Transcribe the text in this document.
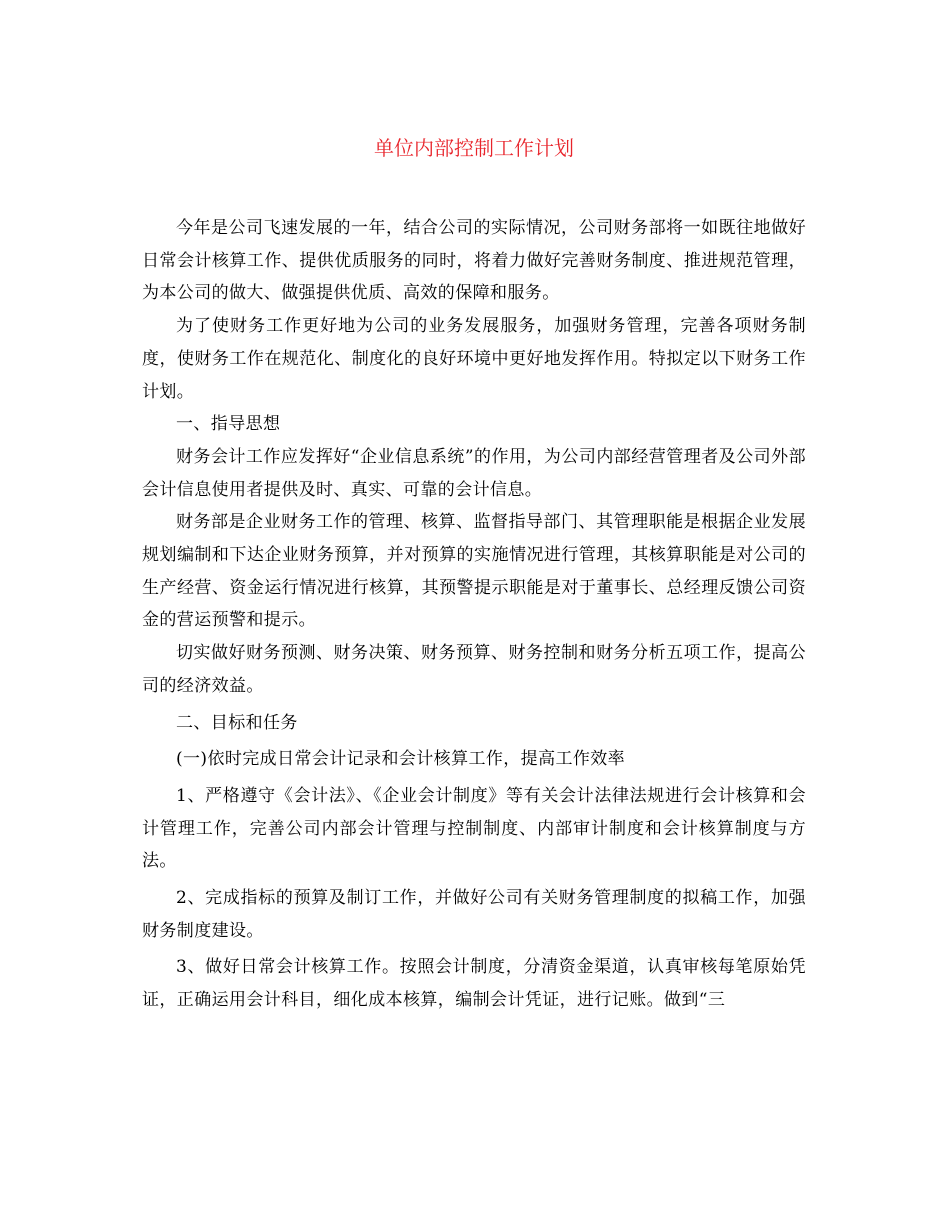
单位内部控制工作计划

今年是公司飞速发展的一年，结合公司的实际情况，公司财务部将一如既往地做好日常会计核算工作、提供优质服务的同时，将着力做好完善财务制度、推进规范管理，为本公司的做大、做强提供优质、高效的保障和服务。

为了使财务工作更好地为公司的业务发展服务，加强财务管理，完善各项财务制度，使财务工作在规范化、制度化的良好环境中更好地发挥作用。特拟定以下财务工作计划。

一、指导思想

财务会计工作应发挥好“企业信息系统”的作用，为公司内部经营管理者及公司外部会计信息使用者提供及时、真实、可靠的会计信息。

财务部是企业财务工作的管理、核算、监督指导部门、其管理职能是根据企业发展规划编制和下达企业财务预算，并对预算的实施情况进行管理，其核算职能是对公司的生产经营、资金运行情况进行核算，其预警提示职能是对于董事长、总经理反馈公司资金的营运预警和提示。

切实做好财务预测、财务决策、财务预算、财务控制和财务分析五项工作，提高公司的经济效益。

二、目标和任务

(一)依时完成日常会计记录和会计核算工作，提高工作效率

1、严格遵守《会计法》、《企业会计制度》等有关会计法律法规进行会计核算和会计管理工作，完善公司内部会计管理与控制制度、内部审计制度和会计核算制度与方法。

2、完成指标的预算及制订工作，并做好公司有关财务管理制度的拟稿工作，加强财务制度建设。

3、做好日常会计核算工作。按照会计制度，分清资金渠道，认真审核每笔原始凭证，正确运用会计科目，细化成本核算，编制会计凭证，进行记账。做到“三
